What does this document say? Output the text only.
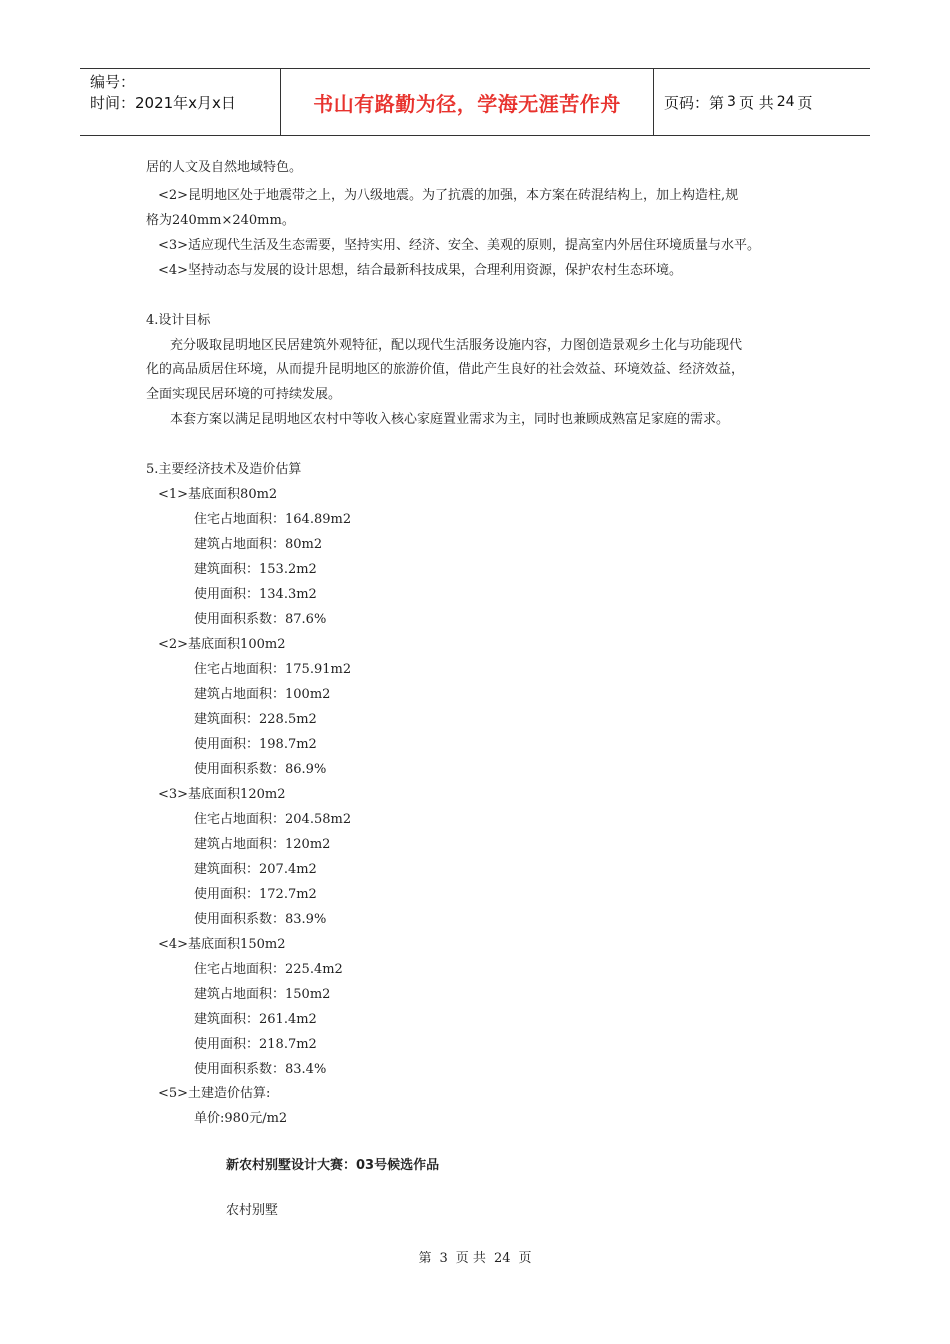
编号：
时间：2021年x月x日	书山有路勤为径，学海无涯苦作舟	页码：第 3 页 共 24 页
居的人文及自然地域特色。
<2>昆明地区处于地震带之上，为八级地震。为了抗震的加强，本方案在砖混结构上，加上构造柱,规
格为240mm×240mm。
<3>适应现代生活及生态需要，坚持实用、经济、安全、美观的原则，提高室内外居住环境质量与水平。
<4>坚持动态与发展的设计思想，结合最新科技成果，合理利用资源，保护农村生态环境。
4.设计目标
充分吸取昆明地区民居建筑外观特征，配以现代生活服务设施内容，力图创造景观乡土化与功能现代
化的高品质居住环境，从而提升昆明地区的旅游价值，借此产生良好的社会效益、环境效益、经济效益，
全面实现民居环境的可持续发展。
本套方案以满足昆明地区农村中等收入核心家庭置业需求为主，同时也兼顾成熟富足家庭的需求。
5.主要经济技术及造价估算
<1>基底面积80m2
住宅占地面积：164.89m2
建筑占地面积：80m2
建筑面积：153.2m2
使用面积：134.3m2
使用面积系数：87.6%
<2>基底面积100m2
住宅占地面积：175.91m2
建筑占地面积：100m2
建筑面积：228.5m2
使用面积：198.7m2
使用面积系数：86.9%
<3>基底面积120m2
住宅占地面积：204.58m2
建筑占地面积：120m2
建筑面积：207.4m2
使用面积：172.7m2
使用面积系数：83.9%
<4>基底面积150m2
住宅占地面积：225.4m2
建筑占地面积：150m2
建筑面积：261.4m2
使用面积：218.7m2
使用面积系数：83.4%
<5>土建造价估算:
单价:980元/m2
新农村别墅设计大赛：03号候选作品
农村别墅
第 3 页 共 24 页
